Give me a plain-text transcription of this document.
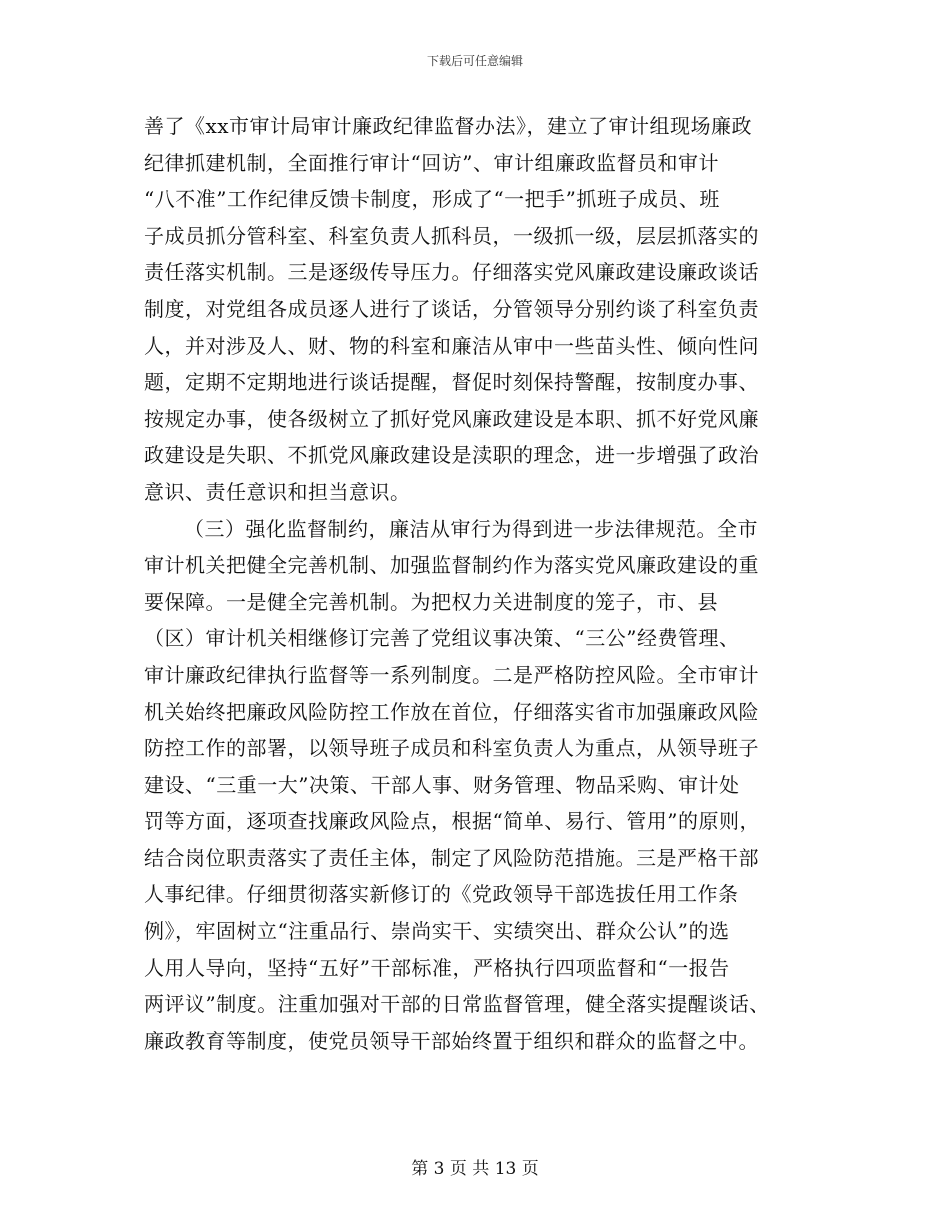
下载后可任意编辑
善了《xx市审计局审计廉政纪律监督办法》，建立了审计组现场廉政
纪律抓建机制，全面推行审计“回访”、审计组廉政监督员和审计
“八不准”工作纪律反馈卡制度，形成了“一把手”抓班子成员、班
子成员抓分管科室、科室负责人抓科员，一级抓一级，层层抓落实的
责任落实机制。三是逐级传导压力。仔细落实党风廉政建设廉政谈话
制度，对党组各成员逐人进行了谈话，分管领导分别约谈了科室负责
人，并对涉及人、财、物的科室和廉洁从审中一些苗头性、倾向性问
题，定期不定期地进行谈话提醒，督促时刻保持警醒，按制度办事、
按规定办事，使各级树立了抓好党风廉政建设是本职、抓不好党风廉
政建设是失职、不抓党风廉政建设是渎职的理念，进一步增强了政治
意识、责任意识和担当意识。
（三）强化监督制约，廉洁从审行为得到进一步法律规范。全市
审计机关把健全完善机制、加强监督制约作为落实党风廉政建设的重
要保障。一是健全完善机制。为把权力关进制度的笼子，市、县
（区）审计机关相继修订完善了党组议事决策、“三公”经费管理、
审计廉政纪律执行监督等一系列制度。二是严格防控风险。全市审计
机关始终把廉政风险防控工作放在首位，仔细落实省市加强廉政风险
防控工作的部署，以领导班子成员和科室负责人为重点，从领导班子
建设、“三重一大”决策、干部人事、财务管理、物品采购、审计处
罚等方面，逐项查找廉政风险点，根据“简单、易行、管用”的原则，
结合岗位职责落实了责任主体，制定了风险防范措施。三是严格干部
人事纪律。仔细贯彻落实新修订的《党政领导干部选拔任用工作条
例》，牢固树立“注重品行、崇尚实干、实绩突出、群众公认”的选
人用人导向，坚持“五好”干部标准，严格执行四项监督和“一报告
两评议”制度。注重加强对干部的日常监督管理，健全落实提醒谈话、
廉政教育等制度，使党员领导干部始终置于组织和群众的监督之中。
第 3 页 共 13 页
